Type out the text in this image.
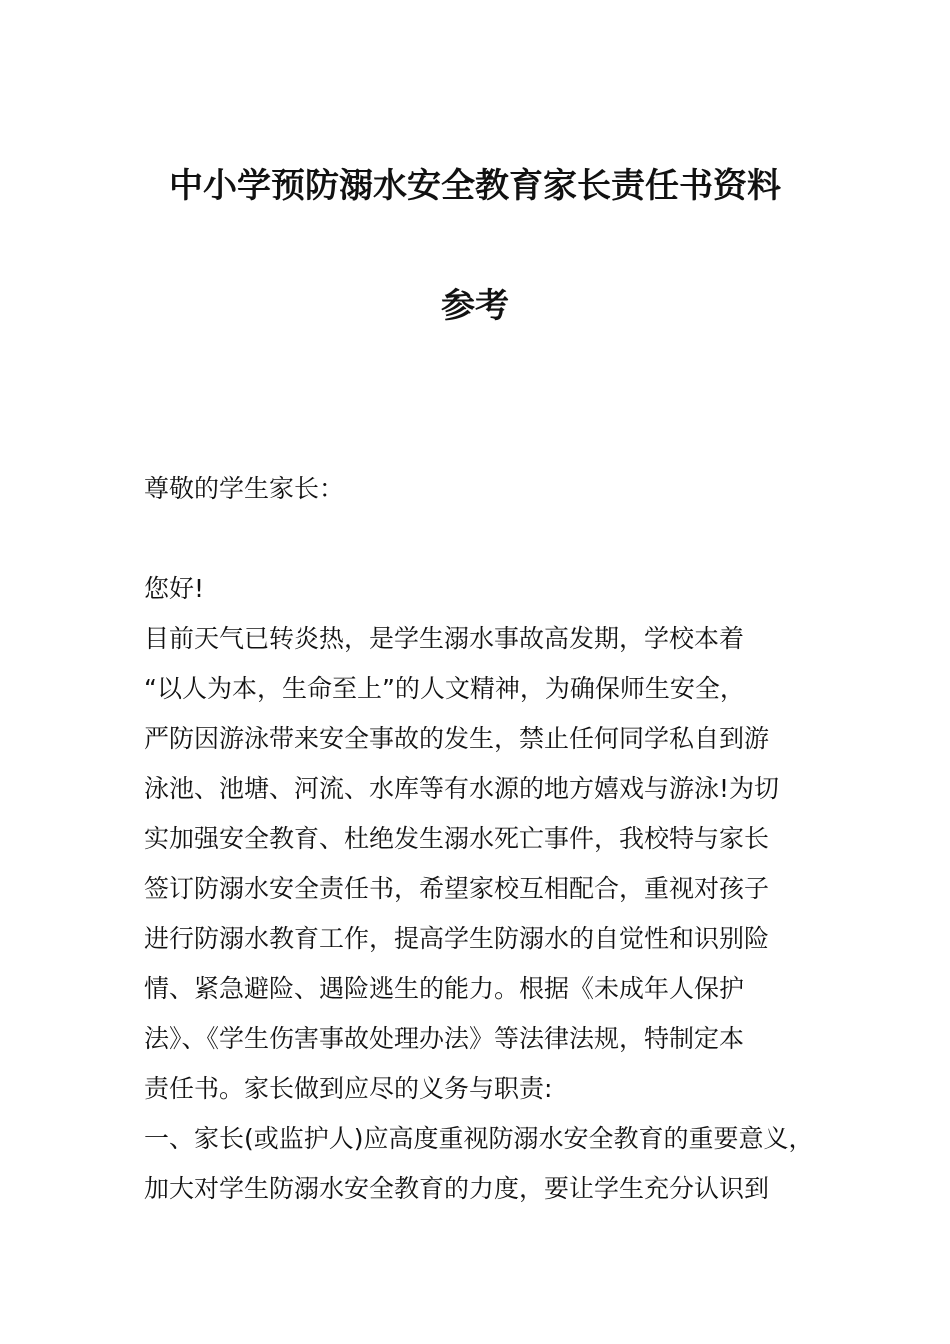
中小学预防溺水安全教育家长责任书资料
参考
尊敬的学生家长：
您好!
目前天气已转炎热，是学生溺水事故高发期，学校本着
“以人为本，生命至上”的人文精神，为确保师生安全，
严防因游泳带来安全事故的发生，禁止任何同学私自到游
泳池、池塘、河流、水库等有水源的地方嬉戏与游泳!为切
实加强安全教育、杜绝发生溺水死亡事件，我校特与家长
签订防溺水安全责任书，希望家校互相配合，重视对孩子
进行防溺水教育工作，提高学生防溺水的自觉性和识别险
情、紧急避险、遇险逃生的能力。根据《未成年人保护
法》、《学生伤害事故处理办法》等法律法规，特制定本
责任书。家长做到应尽的义务与职责:
一、家长(或监护人)应高度重视防溺水安全教育的重要意义，
加大对学生防溺水安全教育的力度，要让学生充分认识到
